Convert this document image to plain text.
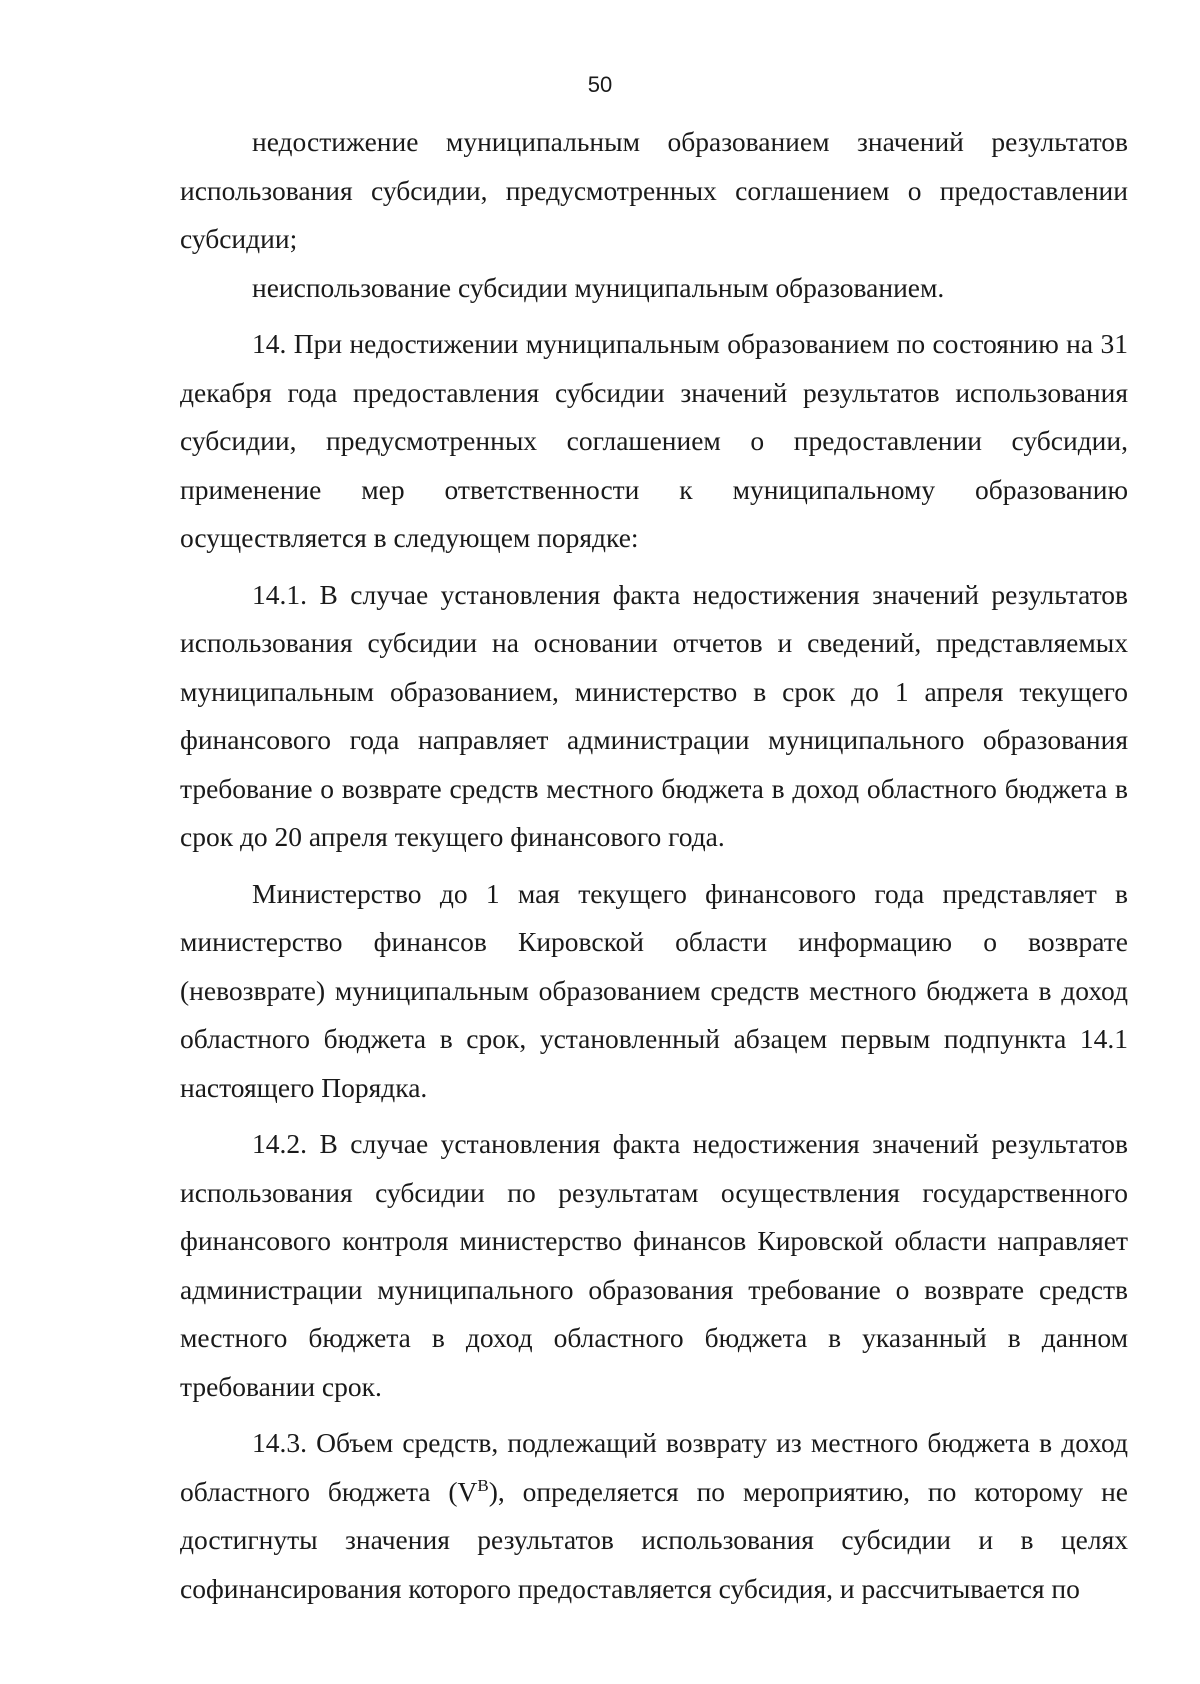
50

недостижение муниципальным образованием значений результатов использования субсидии, предусмотренных соглашением о предоставлении субсидии;

неиспользование субсидии муниципальным образованием.

14. При недостижении муниципальным образованием по состоянию на 31 декабря года предоставления субсидии значений результатов использования субсидии, предусмотренных соглашением о предоставлении субсидии, применение мер ответственности к муниципальному образованию осуществляется в следующем порядке:

14.1. В случае установления факта недостижения значений результатов использования субсидии на основании отчетов и сведений, представляемых муниципальным образованием, министерство в срок до 1 апреля текущего финансового года направляет администрации муниципального образования требование о возврате средств местного бюджета в доход областного бюджета в срок до 20 апреля текущего финансового года.

Министерство до 1 мая текущего финансового года представляет в министерство финансов Кировской области информацию о возврате (невозврате) муниципальным образованием средств местного бюджета в доход областного бюджета в срок, установленный абзацем первым подпункта 14.1 настоящего Порядка.

14.2. В случае установления факта недостижения значений результатов использования субсидии по результатам осуществления государственного финансового контроля министерство финансов Кировской области направляет администрации муниципального образования требование о возврате средств местного бюджета в доход областного бюджета в указанный в данном требовании срок.

14.3. Объем средств, подлежащий возврату из местного бюджета в доход областного бюджета $(V^В)$, определяется по мероприятию, по которому не достигнуты значения результатов использования субсидии и в целях софинансирования которого предоставляется субсидия, и рассчитывается по
